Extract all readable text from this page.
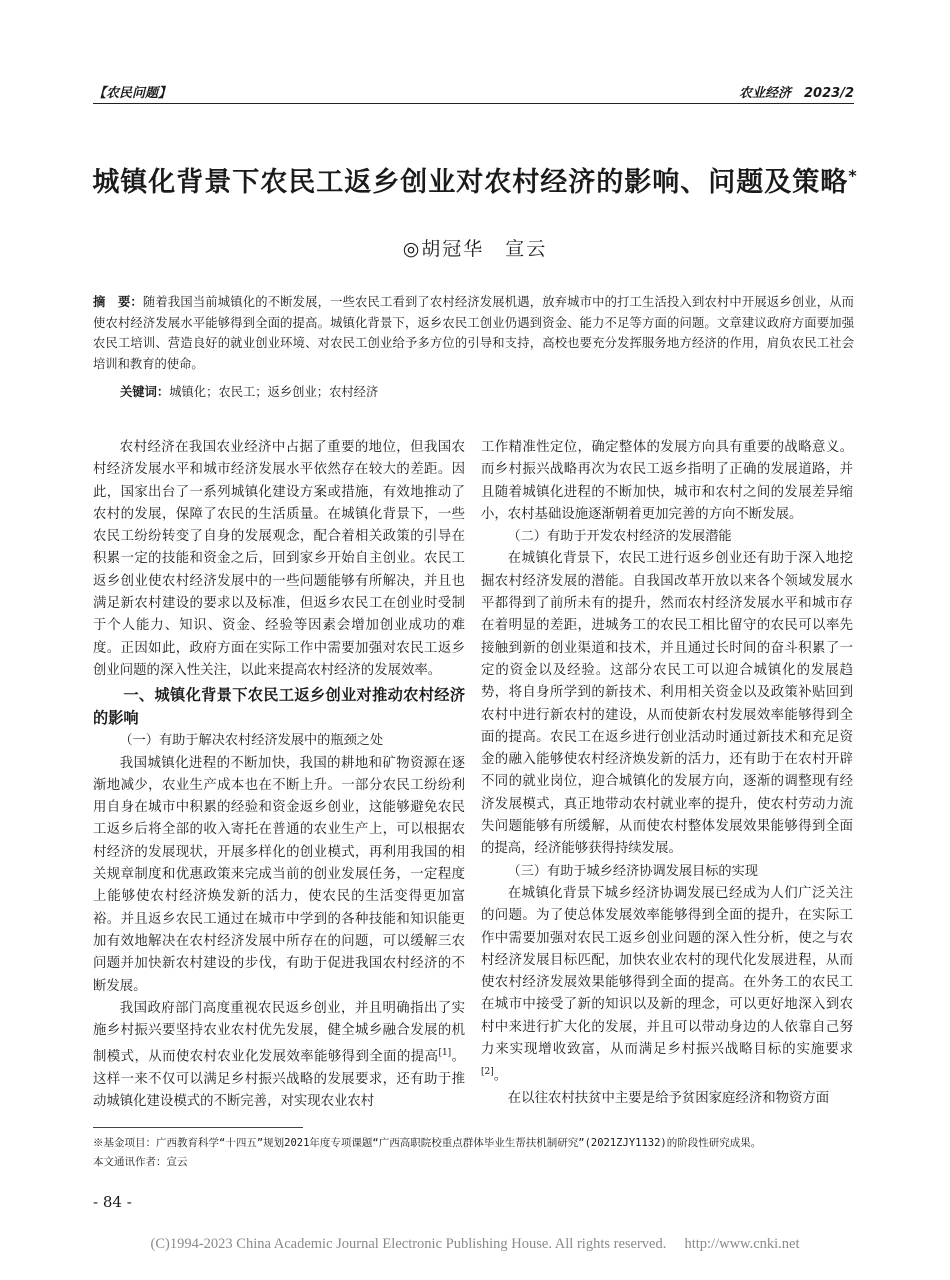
【农民问题】	农业经济　2023/2
城镇化背景下农民工返乡创业对农村经济的影响、问题及策略*
◎胡冠华　宣云
摘　要：随着我国当前城镇化的不断发展，一些农民工看到了农村经济发展机遇，放弃城市中的打工生活投入到农村中开展返乡创业，从而使农村经济发展水平能够得到全面的提高。城镇化背景下，返乡农民工创业仍遇到资金、能力不足等方面的问题。文章建议政府方面要加强农民工培训、营造良好的就业创业环境、对农民工创业给予多方位的引导和支持，高校也要充分发挥服务地方经济的作用，肩负农民工社会培训和教育的使命。
关键词：城镇化；农民工；返乡创业；农村经济

农村经济在我国农业经济中占据了重要的地位，但我国农村经济发展水平和城市经济发展水平依然存在较大的差距。因此，国家出台了一系列城镇化建设方案或措施，有效地推动了农村的发展，保障了农民的生活质量。在城镇化背景下，一些农民工纷纷转变了自身的发展观念，配合着相关政策的引导在积累一定的技能和资金之后，回到家乡开始自主创业。农民工返乡创业使农村经济发展中的一些问题能够有所解决，并且也满足新农村建设的要求以及标准，但返乡农民工在创业时受制于个人能力、知识、资金、经验等因素会增加创业成功的难度。正因如此，政府方面在实际工作中需要加强对农民工返乡创业问题的深入性关注，以此来提高农村经济的发展效率。

一、城镇化背景下农民工返乡创业对推动农村经济的影响

（一）有助于解决农村经济发展中的瓶颈之处

我国城镇化进程的不断加快，我国的耕地和矿物资源在逐渐地减少，农业生产成本也在不断上升。一部分农民工纷纷利用自身在城市中积累的经验和资金返乡创业，这能够避免农民工返乡后将全部的收入寄托在普通的农业生产上，可以根据农村经济的发展现状，开展多样化的创业模式，再利用我国的相关规章制度和优惠政策来完成当前的创业发展任务，一定程度上能够使农村经济焕发新的活力，使农民的生活变得更加富裕。并且返乡农民工通过在城市中学到的各种技能和知识能更加有效地解决在农村经济发展中所存在的问题，可以缓解三农问题并加快新农村建设的步伐，有助于促进我国农村经济的不断发展。

我国政府部门高度重视农民返乡创业，并且明确指出了实施乡村振兴要坚持农业农村优先发展，健全城乡融合发展的机制模式，从而使农村农业化发展效率能够得到全面的提高[1]。这样一来不仅可以满足乡村振兴战略的发展要求，还有助于推动城镇化建设模式的不断完善，对实现农业农村

工作精准性定位，确定整体的发展方向具有重要的战略意义。而乡村振兴战略再次为农民工返乡指明了正确的发展道路，并且随着城镇化进程的不断加快，城市和农村之间的发展差异缩小，农村基础设施逐渐朝着更加完善的方向不断发展。

（二）有助于开发农村经济的发展潜能

在城镇化背景下，农民工进行返乡创业还有助于深入地挖掘农村经济发展的潜能。自我国改革开放以来各个领域发展水平都得到了前所未有的提升，然而农村经济发展水平和城市存在着明显的差距，进城务工的农民工相比留守的农民可以率先接触到新的创业渠道和技术，并且通过长时间的奋斗积累了一定的资金以及经验。这部分农民工可以迎合城镇化的发展趋势，将自身所学到的新技术、利用相关资金以及政策补贴回到农村中进行新农村的建设，从而使新农村发展效率能够得到全面的提高。农民工在返乡进行创业活动时通过新技术和充足资金的融入能够使农村经济焕发新的活力，还有助于在农村开辟不同的就业岗位，迎合城镇化的发展方向，逐渐的调整现有经济发展模式，真正地带动农村就业率的提升，使农村劳动力流失问题能够有所缓解，从而使农村整体发展效果能够得到全面的提高，经济能够获得持续发展。

（三）有助于城乡经济协调发展目标的实现

在城镇化背景下城乡经济协调发展已经成为人们广泛关注的问题。为了使总体发展效率能够得到全面的提升，在实际工作中需要加强对农民工返乡创业问题的深入性分析，使之与农村经济发展目标匹配，加快农业农村的现代化发展进程，从而使农村经济发展效果能够得到全面的提高。在外务工的农民工在城市中接受了新的知识以及新的理念，可以更好地深入到农村中来进行扩大化的发展，并且可以带动身边的人依靠自己努力来实现增收致富，从而满足乡村振兴战略目标的实施要求[2]。

在以往农村扶贫中主要是给予贫困家庭经济和物资方面

※基金项目：广西教育科学“十四五”规划2021年度专项课题“广西高职院校重点群体毕业生帮扶机制研究”(2021ZJY1132)的阶段性研究成果。
本文通讯作者：宣云
- 84 -
(C)1994-2023 China Academic Journal Electronic Publishing House. All rights reserved.　 http://www.cnki.net
